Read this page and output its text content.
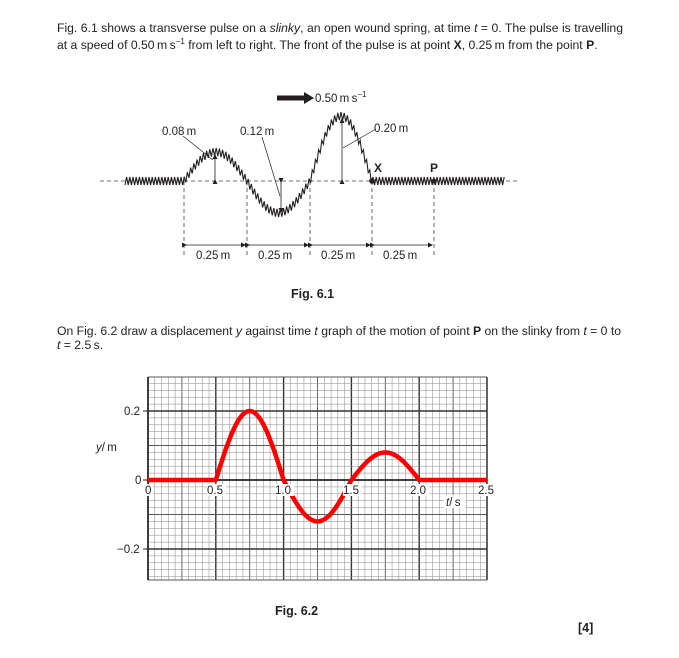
Fig. 6.1 shows a transverse pulse on a slinky, an open wound spring, at time t = 0. The pulse is travelling at a speed of 0.50 m $s^{-1}$ from left to right. The front of the pulse is at point X, 0.25 m from the point P.
X	P
0.50 m $s^{-1}$
0.08 m	0.12 m	0.20 m
0.25 m 0.25 m 0.25 m 0.25 m
Fig. 6.1
On Fig. 6.2 draw a displacement y against time t graph of the motion of point P on the slinky from t = 0 to t = 2.5 s.
0.2
0
−0.2
y/ m
0	0.5	1.0	1.5	2.0	2.5
t/ s
Fig. 6.2
[4]
